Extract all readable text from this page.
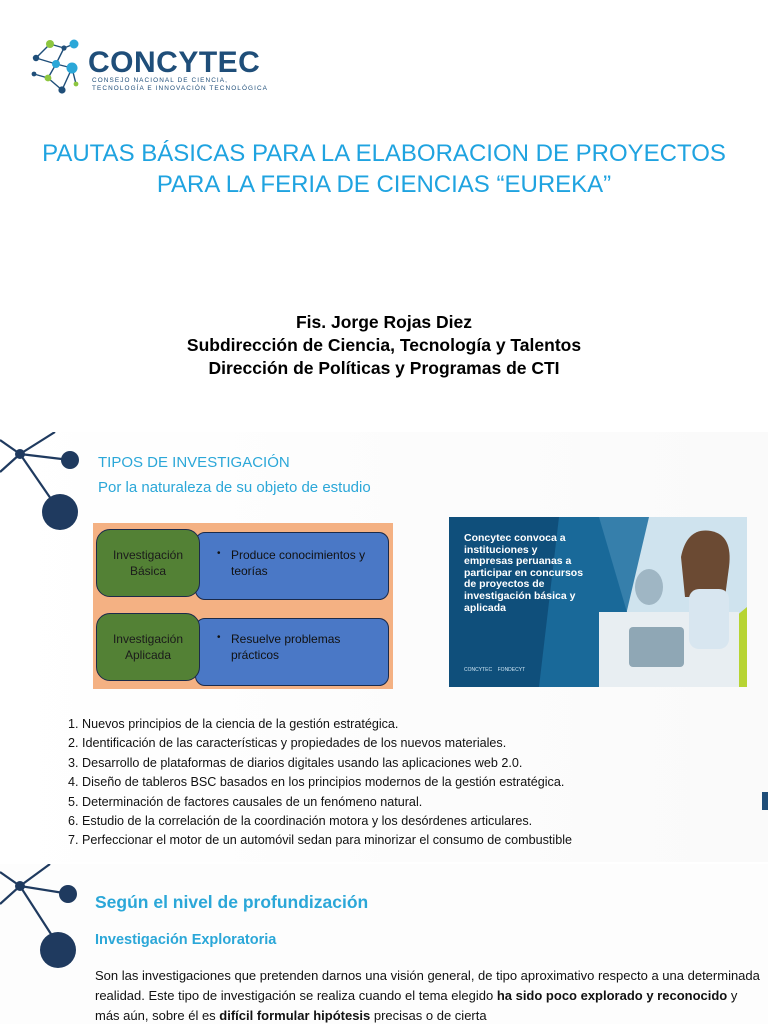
CONCYTEC
CONSEJO NACIONAL DE CIENCIA,
TECNOLOGÍA E INNOVACIÓN TECNOLÓGICA
PAUTAS BÁSICAS PARA LA ELABORACION DE PROYECTOS
PARA LA FERIA DE CIENCIAS “EUREKA”
Fis. Jorge Rojas Diez
Subdirección de Ciencia, Tecnología y Talentos
Dirección de Políticas y Programas de CTI
TIPOS DE INVESTIGACIÓN
Por la naturaleza de su objeto de estudio
Investigación
Básica
Investigación
Aplicada
•
•
Produce conocimientos y teorías
Resuelve problemas prácticos
Concytec convoca a instituciones y empresas peruanas a participar en concursos de proyectos de investigación básica y aplicada
CONCYTEC FONDECYT
1. Nuevos principios de la ciencia de la gestión estratégica.
2. Identificación de las características y propiedades de los nuevos materiales.
3. Desarrollo de plataformas de diarios digitales usando las aplicaciones web 2.0.
4. Diseño de tableros BSC basados en los principios modernos de la gestión estratégica.
5. Determinación de factores causales de un fenómeno natural.
6. Estudio de la correlación de la coordinación motora y los desórdenes articulares.
7. Perfeccionar el motor de un automóvil sedan para minorizar el consumo de combustible
Según el nivel de profundización
Investigación Exploratoria

Son las investigaciones que pretenden darnos una visión general, de tipo aproximativo respecto a una determinada realidad. Este tipo de investigación se realiza cuando el tema elegido ha sido poco explorado y reconocido y más aún, sobre él es difícil formular hipótesis precisas o de cierta
